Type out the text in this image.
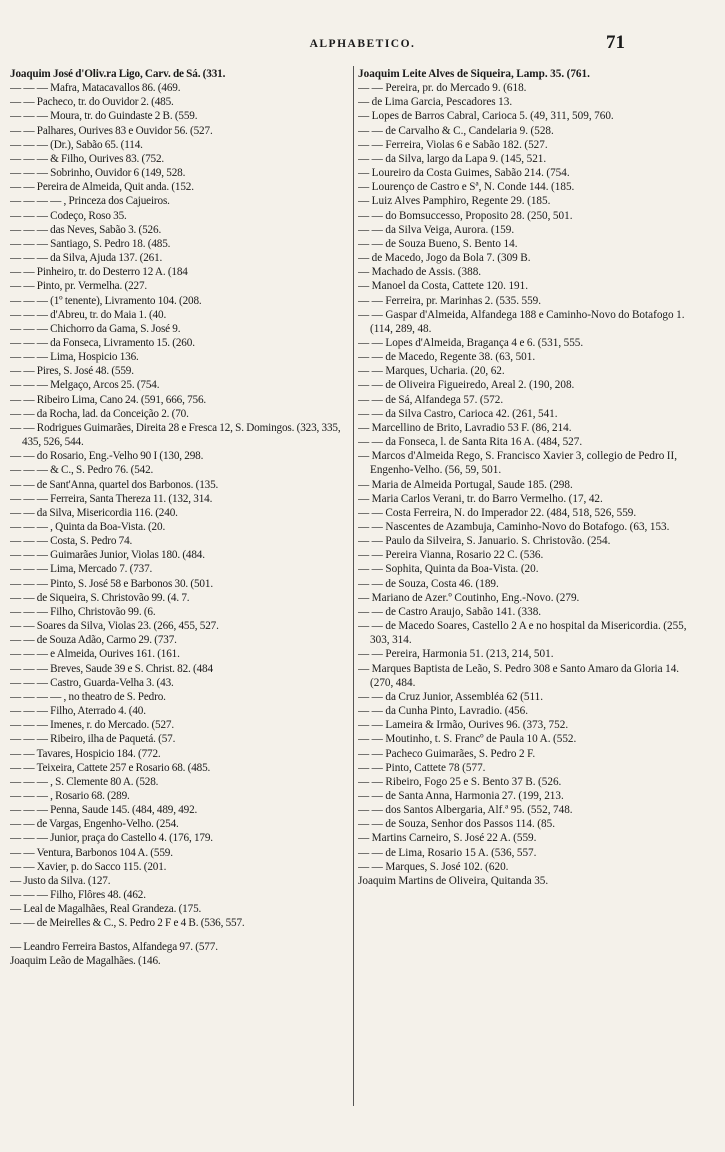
ALPHABETICO.	71

Joaquim José d'Oliv.ra Ligo, Carv. de Sá. (331.

— — — Mafra, Matacavallos 86. (469.

— — Pacheco, tr. do Ouvidor 2. (485.

— — — Moura, tr. do Guindaste 2 B. (559.

— — Palhares, Ourives 83 e Ouvidor 56. (527.

— — — (Dr.), Sabão 65. (114.

— — — & Filho, Ourives 83. (752.

— — — Sobrinho, Ouvidor 6 (149, 528.

— — Pereira de Almeida, Quit anda. (152.

— — — — , Princeza dos Cajueiros.

— — — Codeço, Roso 35.

— — — das Neves, Sabão 3. (526.

— — — Santiago, S. Pedro 18. (485.

— — — da Silva, Ajuda 137. (261.

— — Pinheiro, tr. do Desterro 12 A. (184

— — Pinto, pr. Vermelha. (227.

— — — (1º tenente), Livramento 104. (208.

— — — d'Abreu, tr. do Maia 1. (40.

— — — Chichorro da Gama, S. José 9.

— — — da Fonseca, Livramento 15. (260.

— — — Lima, Hospicio 136.

— — Pires, S. José 48. (559.

— — — Melgaço, Arcos 25. (754.

— — Ribeiro Lima, Cano 24. (591, 666, 756.

— — da Rocha, lad. da Conceição 2. (70.

— — Rodrigues Guimarães, Direita 28 e Fresca 12, S. Domingos. (323, 335, 435, 526, 544.

— — do Rosario, Eng.-Velho 90 I (130, 298.

— — — & C., S. Pedro 76. (542.

— — de Sant'Anna, quartel dos Barbonos. (135.

— — — Ferreira, Santa Thereza 11. (132, 314.

— — da Silva, Misericordia 116. (240.

— — — , Quinta da Boa-Vista. (20.

— — — Costa, S. Pedro 74.

— — — Guimarães Junior, Violas 180. (484.

— — — Lima, Mercado 7. (737.

— — — Pinto, S. José 58 e Barbonos 30. (501.

— — de Siqueira, S. Christovão 99. (4. 7.

— — — Filho, Christovão 99. (6.

— — Soares da Silva, Violas 23. (266, 455, 527.

— — de Souza Adão, Carmo 29. (737.

— — — e Almeida, Ourives 161. (161.

— — — Breves, Saude 39 e S. Christ. 82. (484

— — — Castro, Guarda-Velha 3. (43.

— — — — , no theatro de S. Pedro.

— — — Filho, Aterrado 4. (40.

— — — Imenes, r. do Mercado. (527.

— — — Ribeiro, ilha de Paquetá. (57.

— — Tavares, Hospicio 184. (772.

— — Teixeira, Cattete 257 e Rosario 68. (485.

— — — , S. Clemente 80 A. (528.

— — — , Rosario 68. (289.

— — — Penna, Saude 145. (484, 489, 492.

— — de Vargas, Engenho-Velho. (254.

— — — Junior, praça do Castello 4. (176, 179.

— — Ventura, Barbonos 104 A. (559.

— — Xavier, p. do Sacco 115. (201.

— Justo da Silva. (127.

— — — Filho, Flôres 48. (462.

— Leal de Magalhães, Real Grandeza. (175.

— — de Meirelles & C., S. Pedro 2 F e 4 B. (536, 557.

— Leandro Ferreira Bastos, Alfandega 97. (577.

Joaquim Leão de Magalhães. (146.

Joaquim Leite Alves de Siqueira, Lamp. 35. (761.

— — Pereira, pr. do Mercado 9. (618.

— de Lima Garcia, Pescadores 13.

— Lopes de Barros Cabral, Carioca 5. (49, 311, 509, 760.

— — de Carvalho & C., Candelaria 9. (528.

— — Ferreira, Violas 6 e Sabão 182. (527.

— — da Silva, largo da Lapa 9. (145, 521.

— Loureiro da Costa Guimes, Sabão 214. (754.

— Lourenço de Castro e Sª, N. Conde 144. (185.

— Luiz Alves Pamphiro, Regente 29. (185.

— — do Bomsuccesso, Proposito 28. (250, 501.

— — da Silva Veiga, Aurora. (159.

— — de Souza Bueno, S. Bento 14.

— de Macedo, Jogo da Bola 7. (309 B.

— Machado de Assis. (388.

— Manoel da Costa, Cattete 120. 191.

— — Ferreira, pr. Marinhas 2. (535. 559.

— — Gaspar d'Almeida, Alfandega 188 e Caminho-Novo do Botafogo 1. (114, 289, 48.

— — Lopes d'Almeida, Bragança 4 e 6. (531, 555.

— — de Macedo, Regente 38. (63, 501.

— — Marques, Ucharia. (20, 62.

— — de Oliveira Figueiredo, Areal 2. (190, 208.

— — de Sá, Alfandega 57. (572.

— — da Silva Castro, Carioca 42. (261, 541.

— Marcellino de Brito, Lavradio 53 F. (86, 214.

— — da Fonseca, l. de Santa Rita 16 A. (484, 527.

— Marcos d'Almeida Rego, S. Francisco Xavier 3, collegio de Pedro II, Engenho-Velho. (56, 59, 501.

— Maria de Almeida Portugal, Saude 185. (298.

— Maria Carlos Verani, tr. do Barro Vermelho. (17, 42.

— — Costa Ferreira, N. do Imperador 22. (484, 518, 526, 559.

— — Nascentes de Azambuja, Caminho-Novo do Botafogo. (63, 153.

— — Paulo da Silveira, S. Januario. S. Christovão. (254.

— — Pereira Vianna, Rosario 22 C. (536.

— — Sophita, Quinta da Boa-Vista. (20.

— — de Souza, Costa 46. (189.

— Mariano de Azer.º Coutinho, Eng.-Novo. (279.

— — de Castro Araujo, Sabão 141. (338.

— — de Macedo Soares, Castello 2 A e no hospital da Misericordia. (255, 303, 314.

— — Pereira, Harmonia 51. (213, 214, 501.

— Marques Baptista de Leão, S. Pedro 308 e Santo Amaro da Gloria 14. (270, 484.

— — da Cruz Junior, Assembléa 62 (511.

— — da Cunha Pinto, Lavradio. (456.

— — Lameira & Irmão, Ourives 96. (373, 752.

— — Moutinho, t. S. Francº de Paula 10 A. (552.

— — Pacheco Guimarães, S. Pedro 2 F.

— — Pinto, Cattete 78 (577.

— — Ribeiro, Fogo 25 e S. Bento 37 B. (526.

— — de Santa Anna, Harmonia 27. (199, 213.

— — dos Santos Albergaria, Alf.ª 95. (552, 748.

— — de Souza, Senhor dos Passos 114. (85.

— Martins Carneiro, S. José 22 A. (559.

— — de Lima, Rosario 15 A. (536, 557.

— — Marques, S. José 102. (620.

Joaquim Martins de Oliveira, Quitanda 35.
